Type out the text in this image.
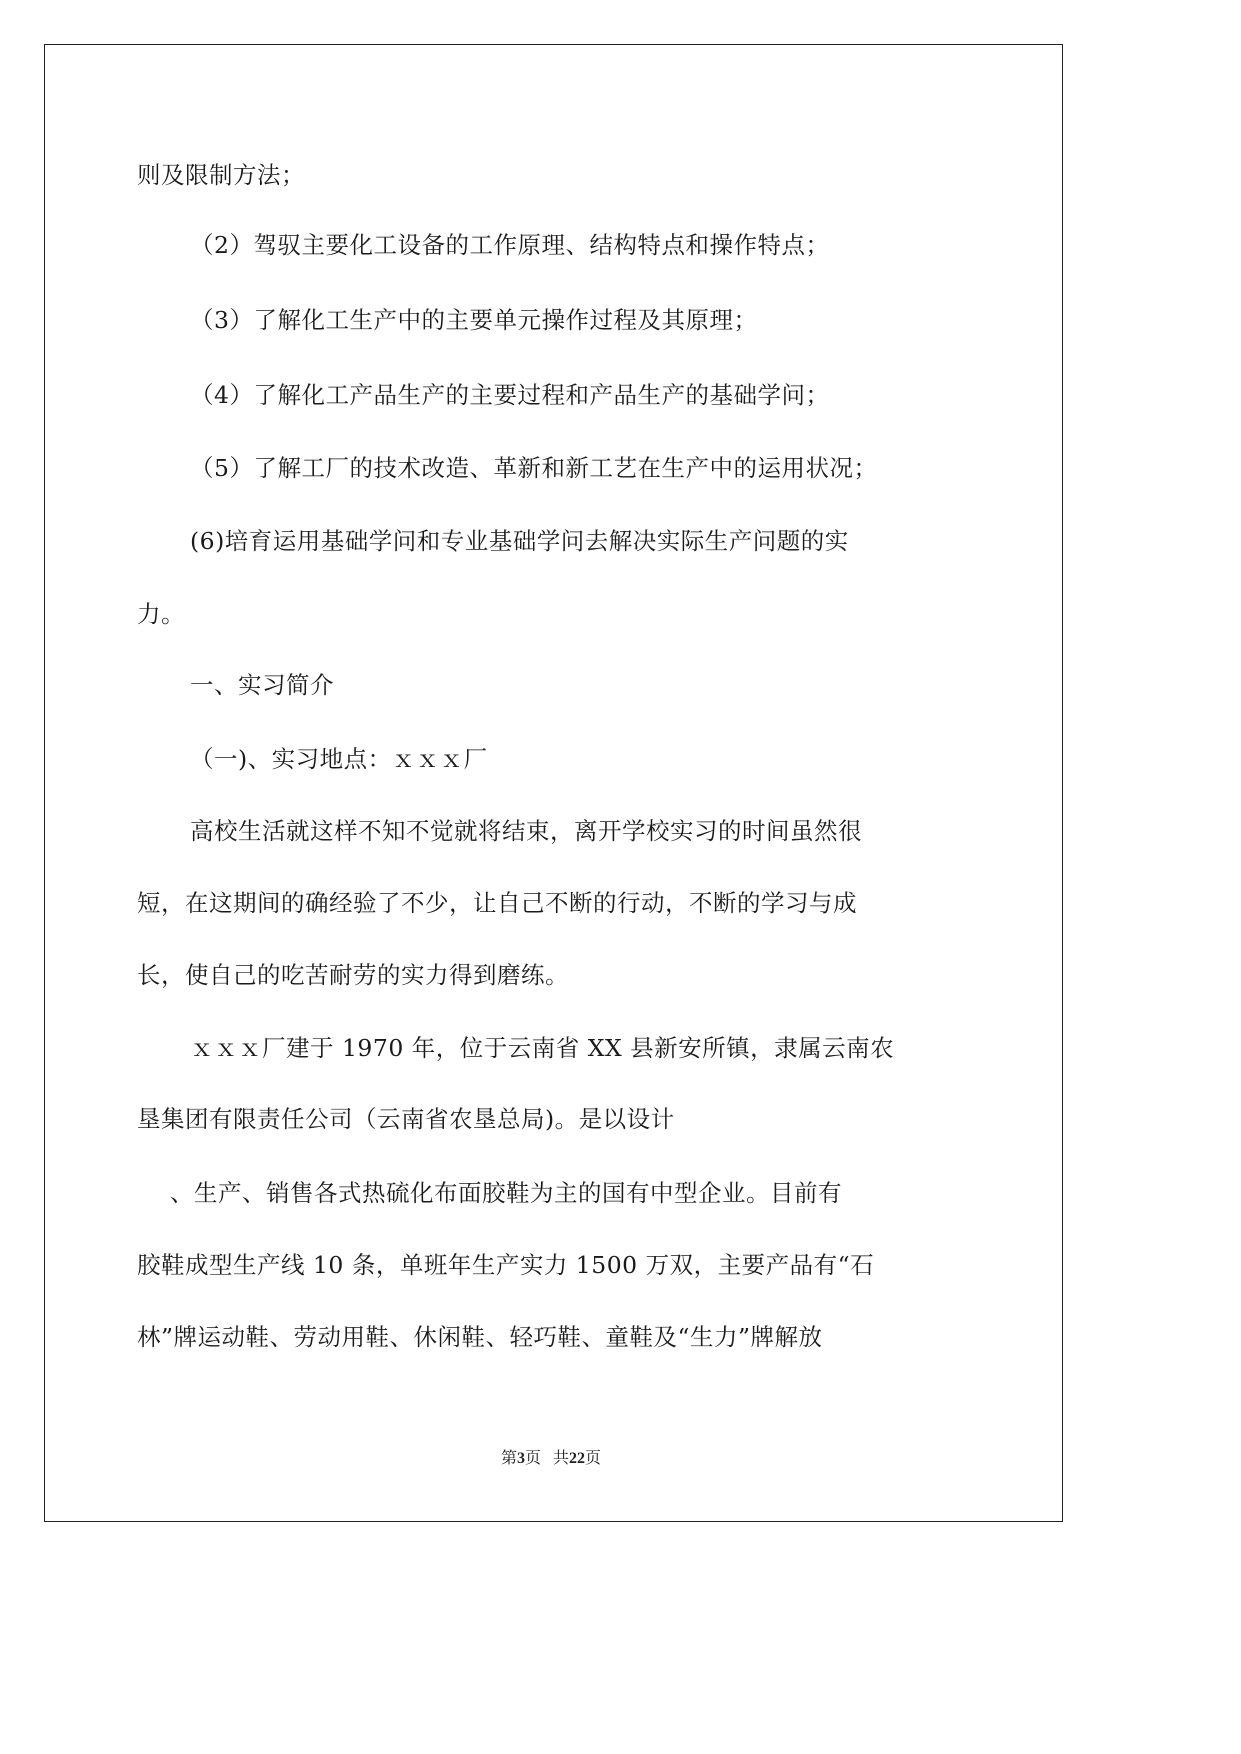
则及限制方法；
（2）驾驭主要化工设备的工作原理、结构特点和操作特点；
（3）了解化工生产中的主要单元操作过程及其原理；
（4）了解化工产品生产的主要过程和产品生产的基础学问；
（5）了解工厂的技术改造、革新和新工艺在生产中的运用状况；
(6)培育运用基础学问和专业基础学问去解决实际生产问题的实
力。
一、实习简介
（一)、实习地点：ｘｘｘ厂
高校生活就这样不知不觉就将结束，离开学校实习的时间虽然很
短，在这期间的确经验了不少，让自己不断的行动，不断的学习与成
长，使自己的吃苦耐劳的实力得到磨练。
ｘｘｘ厂建于 1970 年，位于云南省 XX 县新安所镇，隶属云南农
垦集团有限责任公司（云南省农垦总局)。是以设计
、生产、销售各式热硫化布面胶鞋为主的国有中型企业。目前有
胶鞋成型生产线 10 条，单班年生产实力 1500 万双，主要产品有“石
林”牌运动鞋、劳动用鞋、休闲鞋、轻巧鞋、童鞋及“生力”牌解放
第3页 共22页
